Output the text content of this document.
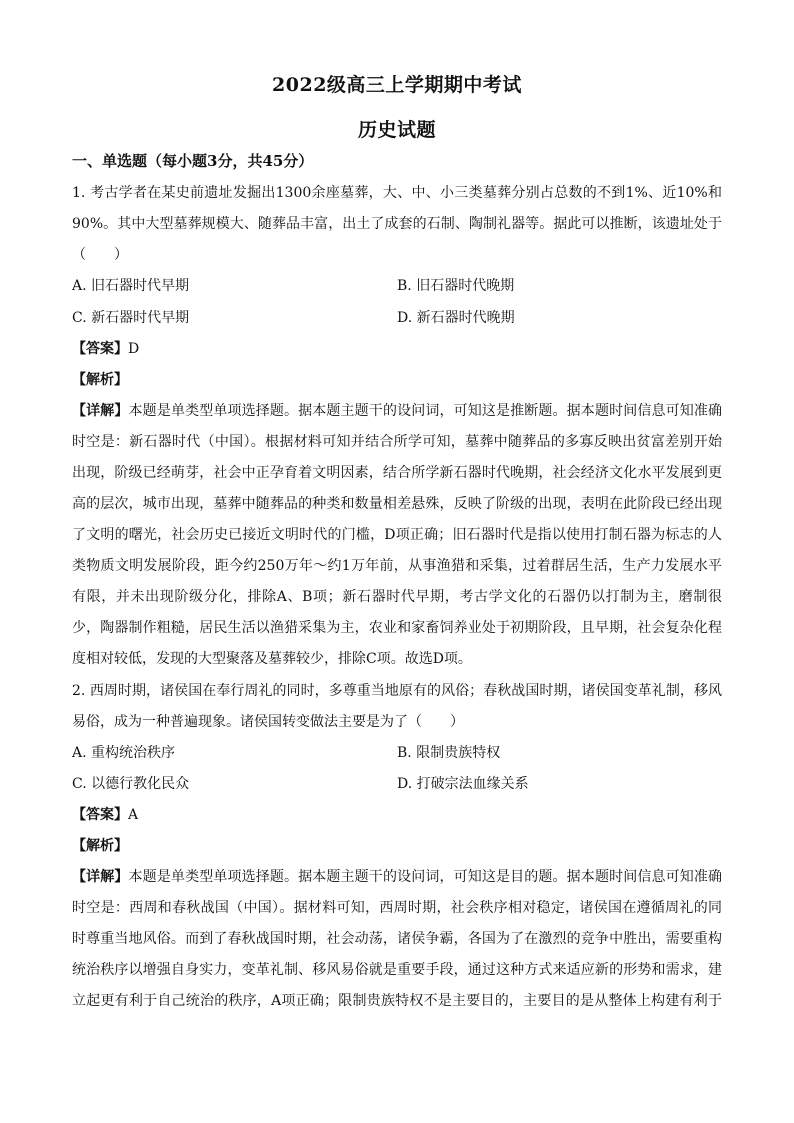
2022级高三上学期期中考试
历史试题
一、单选题（每小题3分，共45分）
1. 考古学者在某史前遗址发掘出1300余座墓葬，大、中、小三类墓葬分别占总数的不到1%、近10%和
90%。其中大型墓葬规模大、随葬品丰富，出土了成套的石制、陶制礼器等。据此可以推断，该遗址处于
（　　）
A. 旧石器时代早期	B. 旧石器时代晚期
C. 新石器时代早期	D. 新石器时代晚期
【答案】D
【解析】
【详解】本题是单类型单项选择题。据本题主题干的设问词，可知这是推断题。据本题时间信息可知准确
时空是：新石器时代（中国）。根据材料可知并结合所学可知，墓葬中随葬品的多寡反映出贫富差别开始
出现，阶级已经萌芽，社会中正孕育着文明因素，结合所学新石器时代晚期，社会经济文化水平发展到更
高的层次，城市出现，墓葬中随葬品的种类和数量相差悬殊，反映了阶级的出现，表明在此阶段已经出现
了文明的曙光，社会历史已接近文明时代的门槛，D项正确；旧石器时代是指以使用打制石器为标志的人
类物质文明发展阶段，距今约250万年～约1万年前，从事渔猎和采集，过着群居生活，生产力发展水平
有限，并未出现阶级分化，排除A、B项；新石器时代早期，考古学文化的石器仍以打制为主，磨制很
少，陶器制作粗糙，居民生活以渔猎采集为主，农业和家畜饲养业处于初期阶段，且早期，社会复杂化程
度相对较低，发现的大型聚落及墓葬较少，排除C项。故选D项。
2. 西周时期，诸侯国在奉行周礼的同时，多尊重当地原有的风俗；春秋战国时期，诸侯国变革礼制，移风
易俗，成为一种普遍现象。诸侯国转变做法主要是为了（　　）
A. 重构统治秩序	B. 限制贵族特权
C. 以德行教化民众	D. 打破宗法血缘关系
【答案】A
【解析】
【详解】本题是单类型单项选择题。据本题主题干的设问词，可知这是目的题。据本题时间信息可知准确
时空是：西周和春秋战国（中国）。据材料可知，西周时期，社会秩序相对稳定，诸侯国在遵循周礼的同
时尊重当地风俗。而到了春秋战国时期，社会动荡，诸侯争霸，各国为了在激烈的竞争中胜出，需要重构
统治秩序以增强自身实力，变革礼制、移风易俗就是重要手段，通过这种方式来适应新的形势和需求，建
立起更有利于自己统治的秩序，A项正确；限制贵族特权不是主要目的，主要目的是从整体上构建有利于
